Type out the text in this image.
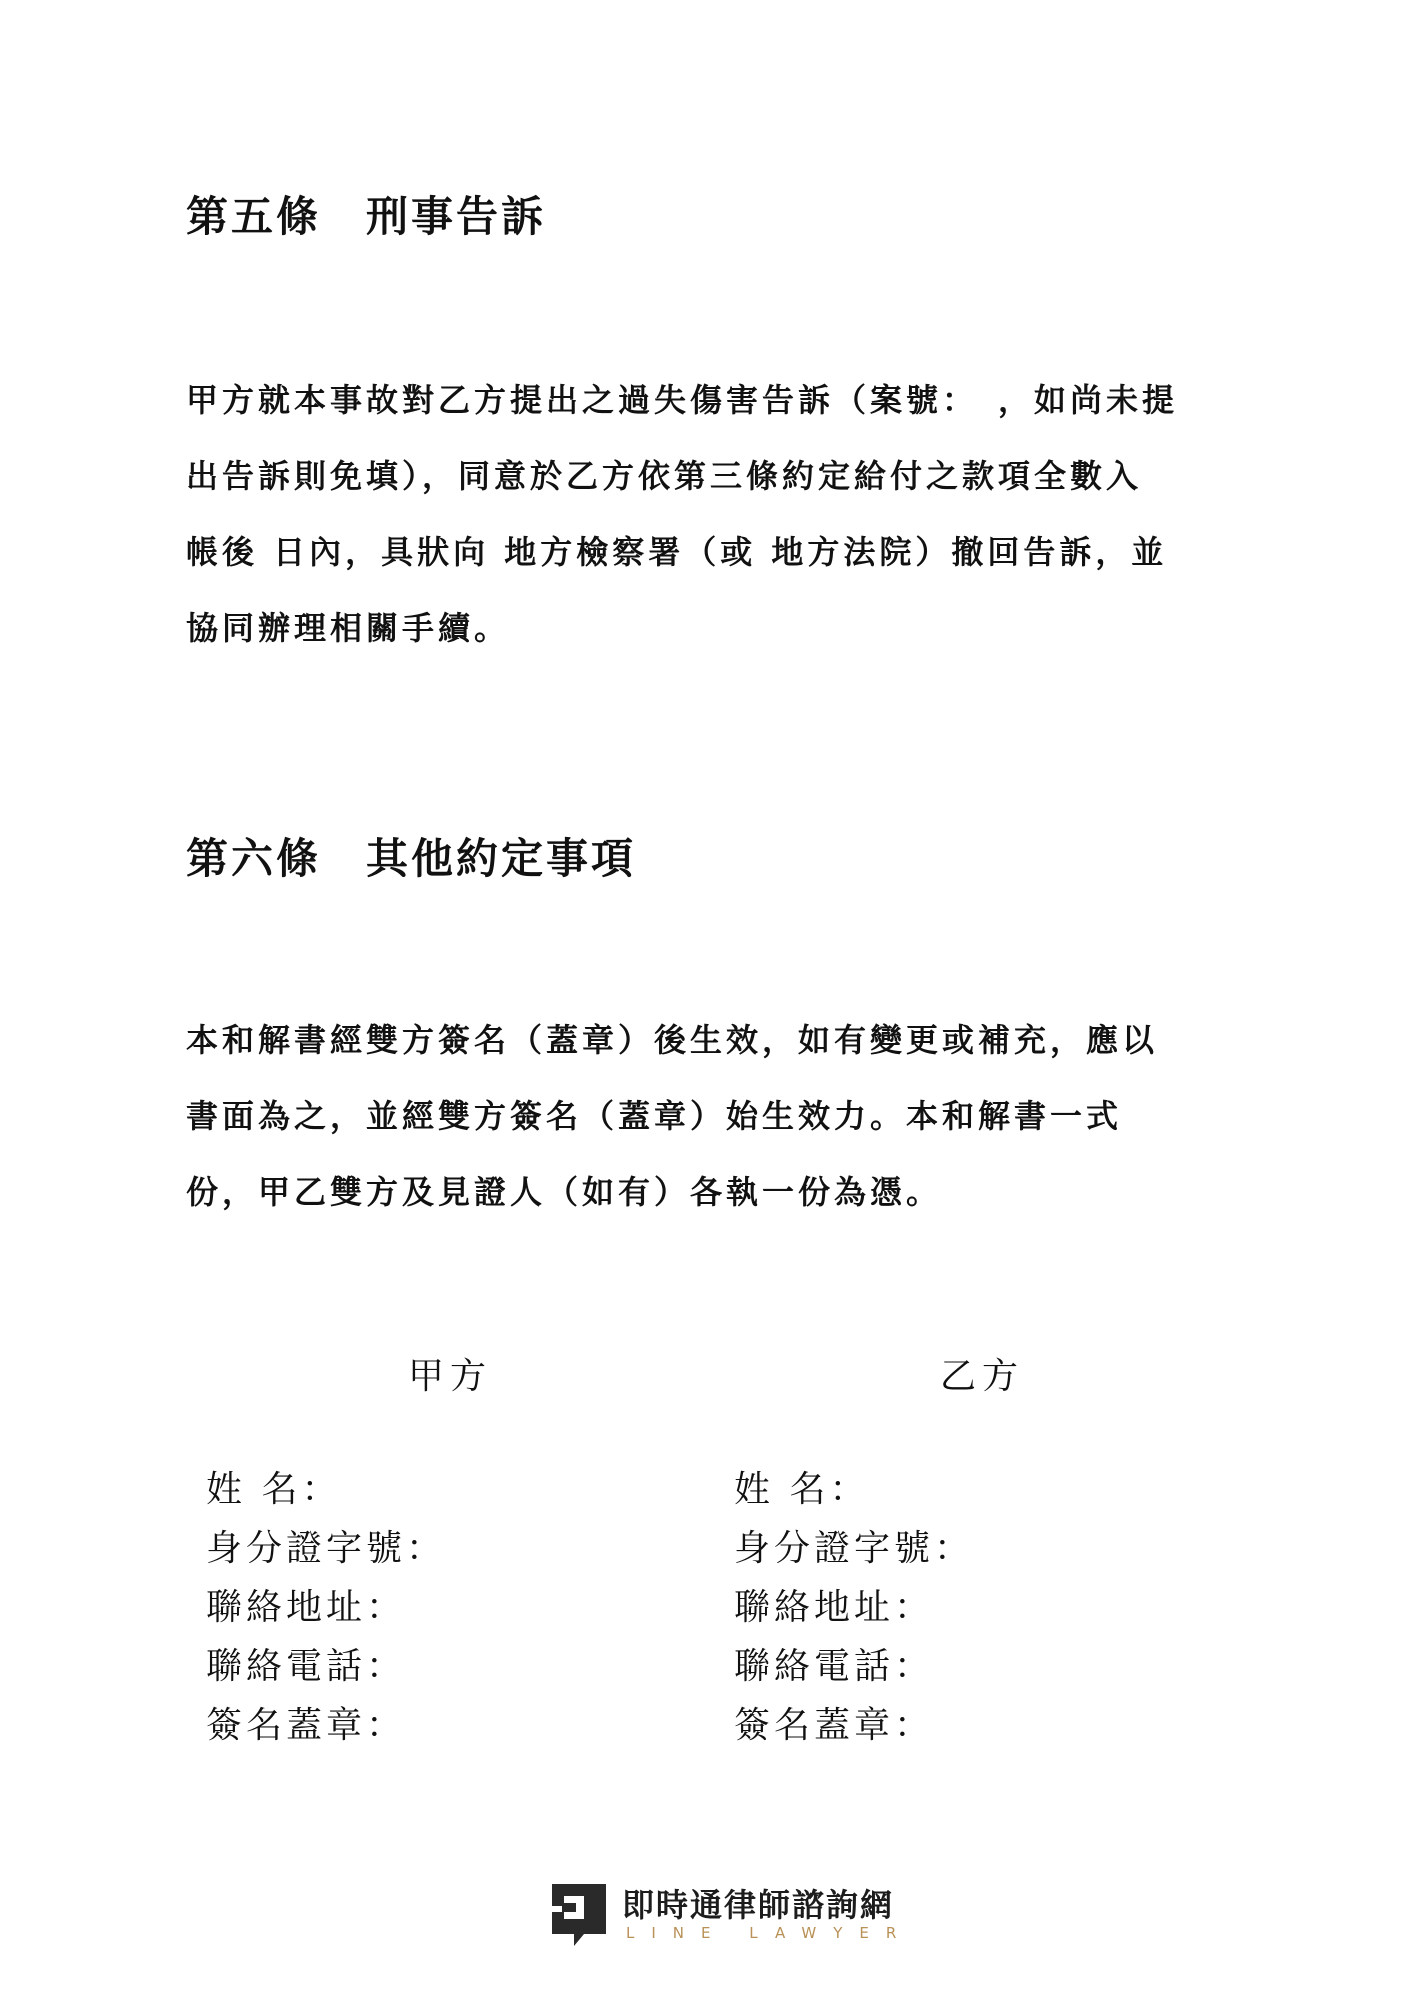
第五條　刑事告訴
甲方就本事故對乙方提出之過失傷害告訴（案號：　，如尚未提
出告訴則免填），同意於乙方依第三條約定給付之款項全數入
帳後 日內，具狀向 地方檢察署（或 地方法院）撤回告訴，並
協同辦理相關手續。
第六條　其他約定事項
本和解書經雙方簽名（蓋章）後生效，如有變更或補充，應以
書面為之，並經雙方簽名（蓋章）始生效力。本和解書一式
份，甲乙雙方及見證人（如有）各執一份為憑。
甲方
姓 名：
身分證字號：
聯絡地址：
聯絡電話：
簽名蓋章：
乙方
姓 名：
身分證字號：
聯絡地址：
聯絡電話：
簽名蓋章：
即時通律師諮詢網
LINE LAWYER
